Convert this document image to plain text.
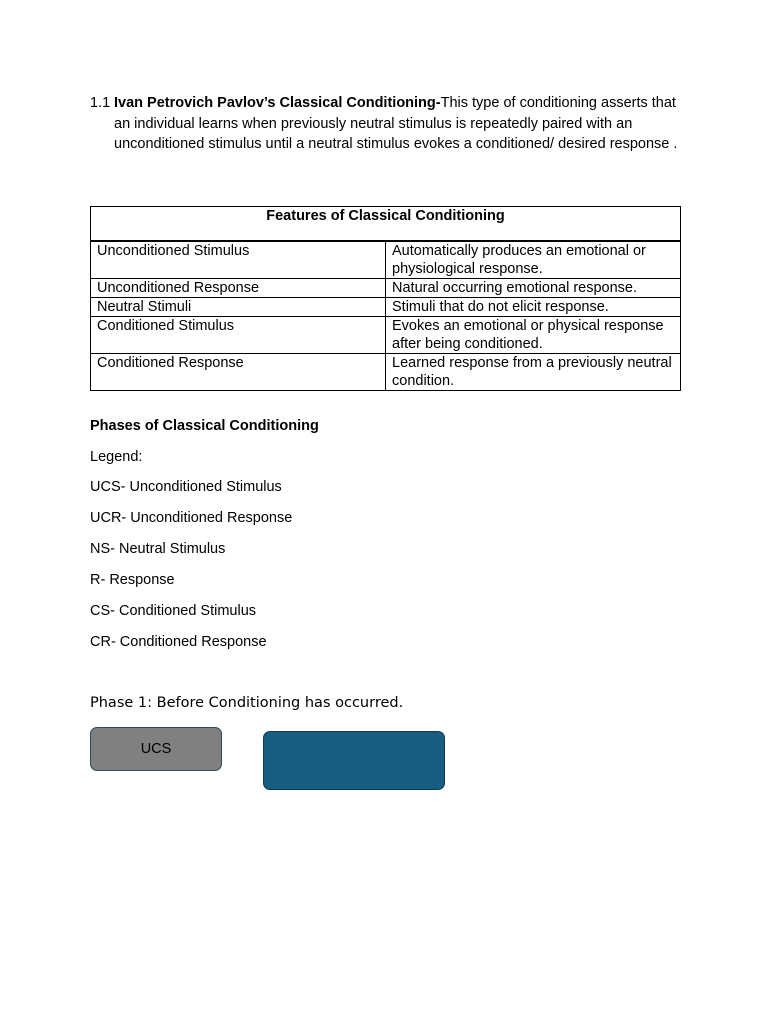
1.1 Ivan Petrovich Pavlov’s Classical Conditioning-This type of conditioning asserts that an individual learns when previously neutral stimulus is repeatedly paired with an unconditioned stimulus until a neutral stimulus evokes a conditioned/ desired response .
Features of Classical Conditioning	
Unconditioned Stimulus	Automatically produces an emotional or physiological response.
Unconditioned Response	Natural occurring emotional response.
Neutral Stimuli	Stimuli that do not elicit response.
Conditioned Stimulus	Evokes an emotional or physical response after being conditioned.
Conditioned Response	Learned response from a previously neutral condition.
Phases of Classical Conditioning
Legend:
UCS- Unconditioned Stimulus
UCR- Unconditioned Response
NS- Neutral Stimulus
R- Response
CS- Conditioned Stimulus
CR- Conditioned Response
Phase 1: Before Conditioning has occurred.
UCS
